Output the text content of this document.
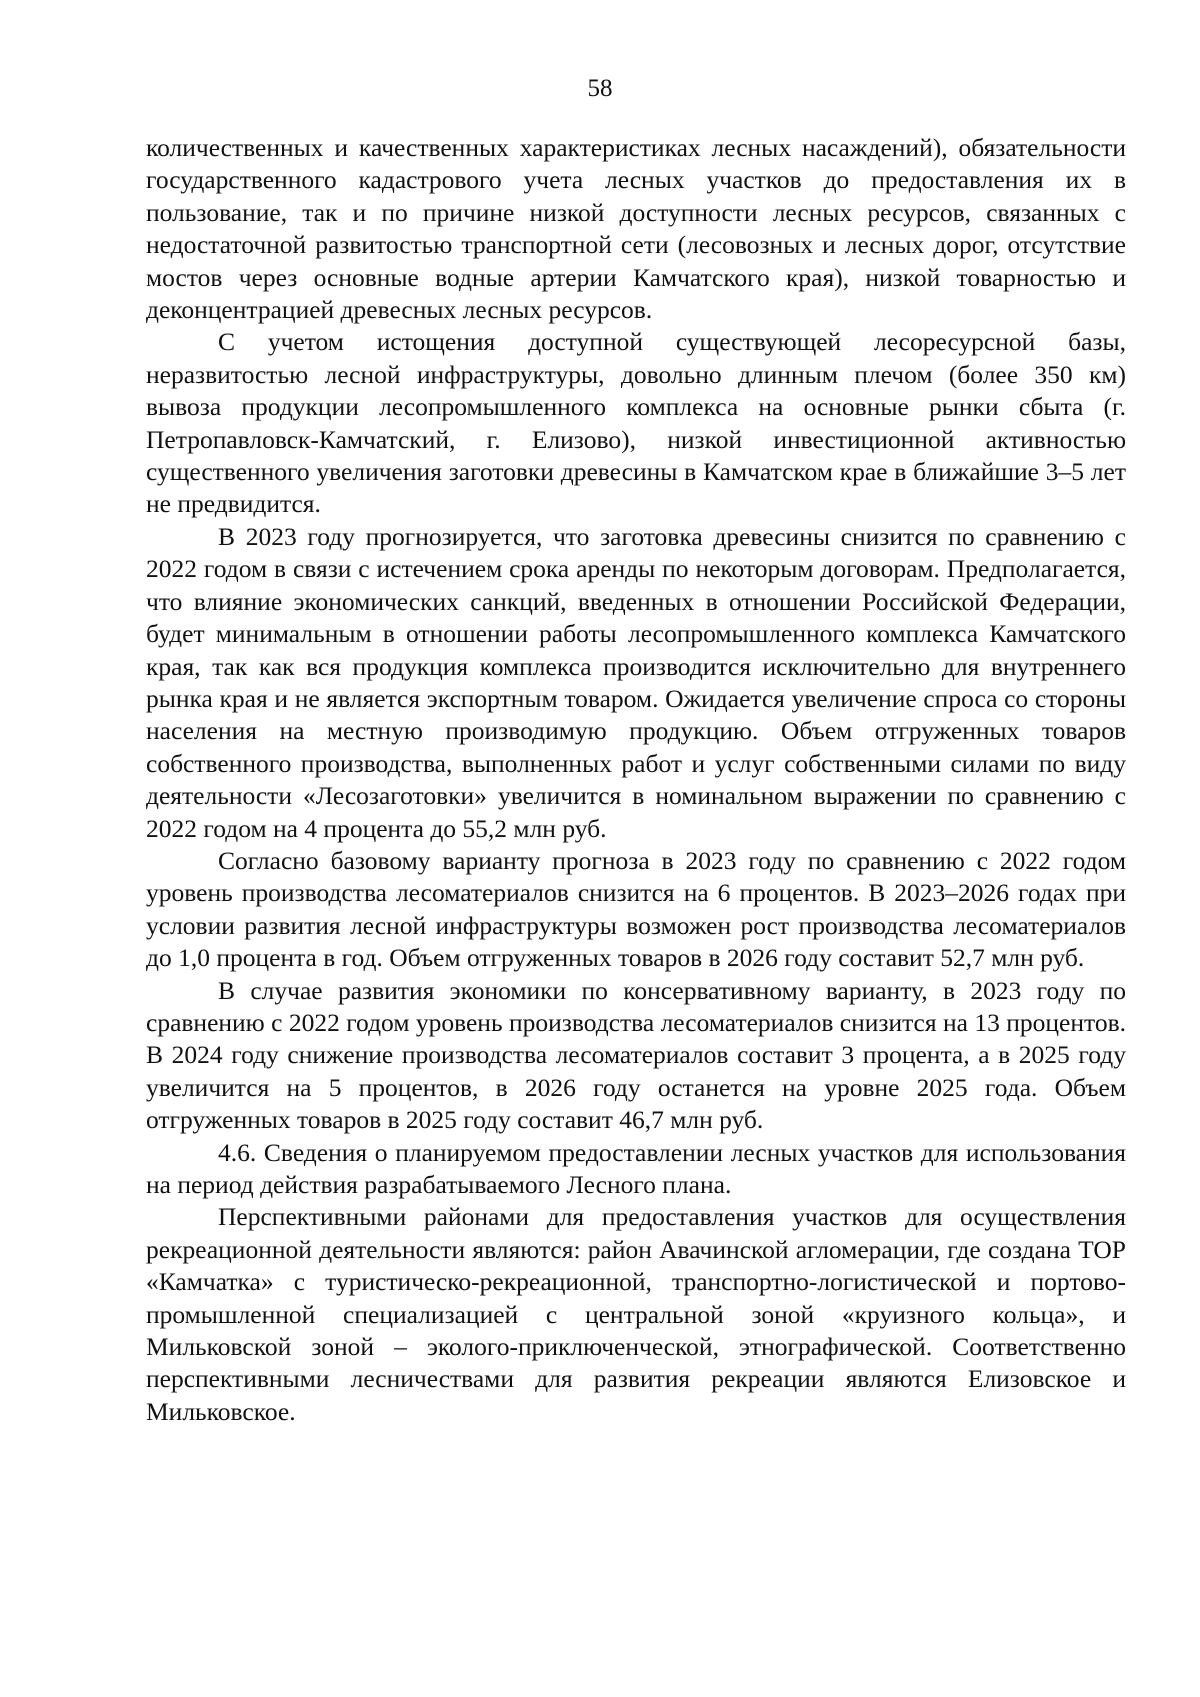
58

количественных и качественных характеристиках лесных насаждений), обязательности государственного кадастрового учета лесных участков до предоставления их в пользование, так и по причине низкой доступности лесных ресурсов, связанных с недостаточной развитостью транспортной сети (лесовозных и лесных дорог, отсутствие мостов через основные водные артерии Камчатского края), низкой товарностью и деконцентрацией древесных лесных ресурсов.

С учетом истощения доступной существующей лесоресурсной базы, неразвитостью лесной инфраструктуры, довольно длинным плечом (более 350 км) вывоза продукции лесопромышленного комплекса на основные рынки сбыта (г. Петропавловск-Камчатский, г. Елизово), низкой инвестиционной активностью существенного увеличения заготовки древесины в Камчатском крае в ближайшие 3–5 лет не предвидится.

В 2023 году прогнозируется, что заготовка древесины снизится по сравнению с 2022 годом в связи с истечением срока аренды по некоторым договорам. Предполагается, что влияние экономических санкций, введенных в отношении Российской Федерации, будет минимальным в отношении работы лесопромышленного комплекса Камчатского края, так как вся продукция комплекса производится исключительно для внутреннего рынка края и не является экспортным товаром. Ожидается увеличение спроса со стороны населения на местную производимую продукцию. Объем отгруженных товаров собственного производства, выполненных работ и услуг собственными силами по виду деятельности «Лесозаготовки» увеличится в номинальном выражении по сравнению с 2022 годом на 4 процента до 55,2 млн руб.

Согласно базовому варианту прогноза в 2023 году по сравнению с 2022 годом уровень производства лесоматериалов снизится на 6 процентов. В 2023–2026 годах при условии развития лесной инфраструктуры возможен рост производства лесоматериалов до 1,0 процента в год. Объем отгруженных товаров в 2026 году составит 52,7 млн руб.

В случае развития экономики по консервативному варианту, в 2023 году по сравнению с 2022 годом уровень производства лесоматериалов снизится на 13 процентов. В 2024 году снижение производства лесоматериалов составит 3 процента, а в 2025 году увеличится на 5 процентов, в 2026 году останется на уровне 2025 года. Объем отгруженных товаров в 2025 году составит 46,7 млн руб.

4.6. Сведения о планируемом предоставлении лесных участков для использования на период действия разрабатываемого Лесного плана.

Перспективными районами для предоставления участков для осуществления рекреационной деятельности являются: район Авачинской агломерации, где создана ТОР «Камчатка» с туристическо-рекреационной, транспортно-логистической и портово-промышленной специализацией с центральной зоной «круизного кольца», и Мильковской зоной – эколого-приключенческой, этнографической. Соответственно перспективными лесничествами для развития рекреации являются Елизовское и Мильковское.
